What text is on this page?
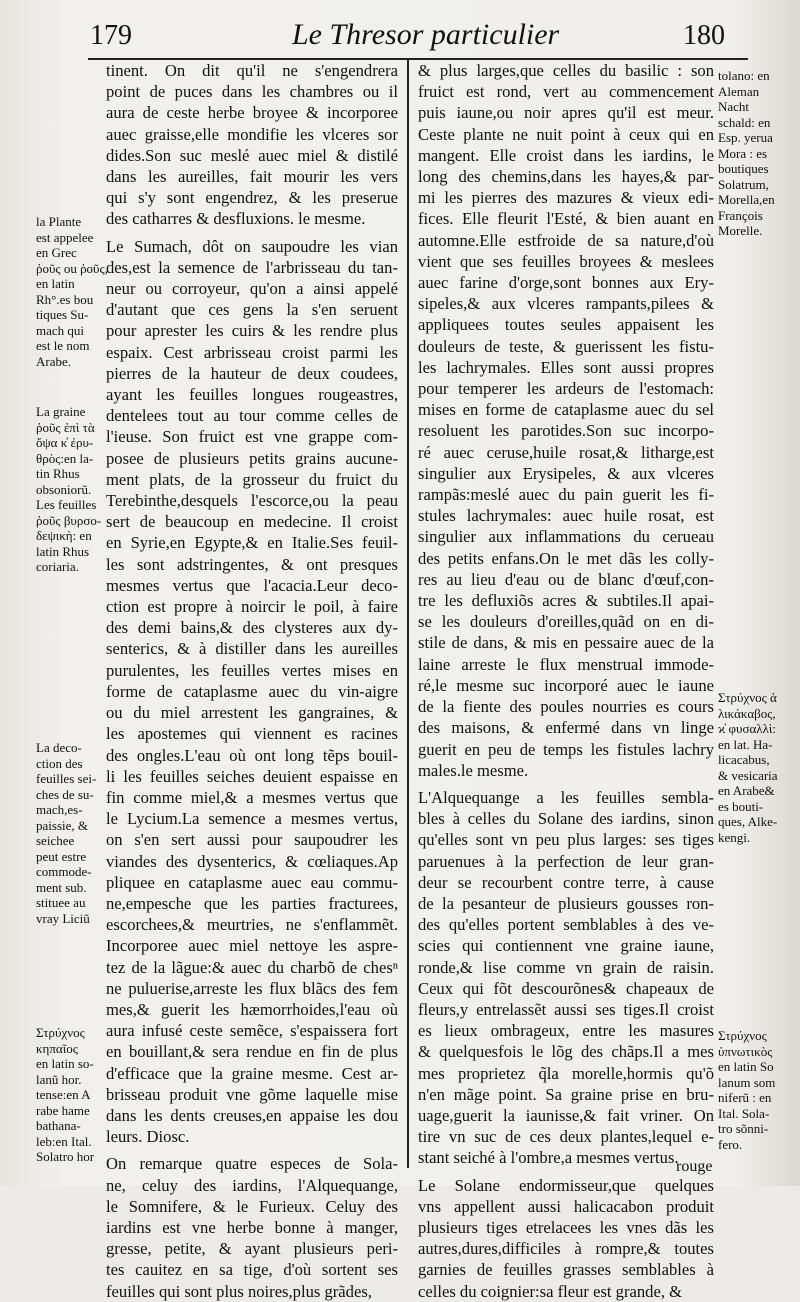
179	Le Thresor particulier	180
tinent. On dit qu'il ne s'engendrera
point de puces dans les chambres ou il
aura de ceste herbe broyee & incorporee
auec graisse,elle mondifie les vlceres sor
dides.Son suc meslé auec miel & distilé
dans les aureilles, fait mourir les vers
qui s'y sont engendrez, & les preserue
des catharres & desfluxions. le mesme.
Le Sumach, dôt on saupoudre les vian
des,est la semence de l'arbrisseau du tan-
neur ou corroyeur, qu'on a ainsi appelé
d'autant que ces gens la s'en seruent
pour aprester les cuirs & les rendre plus
espaix. Cest arbrisseau croist parmi les
pierres de la hauteur de deux coudees,
ayant les feuilles longues rougeastres,
dentelees tout au tour comme celles de
l'ieuse. Son fruict est vne grappe com-
posee de plusieurs petits grains aucune-
ment plats, de la grosseur du fruict du
Terebinthe,desquels l'escorce,ou la peau
sert de beaucoup en medecine. Il croist
en Syrie,en Egypte,& en Italie.Ses feuil-
les sont adstringentes, & ont presques
mesmes vertus que l'acacia.Leur deco-
ction est propre à noircir le poil, à faire
des demi bains,& des clysteres aux dy-
senterics, & à distiller dans les aureilles
purulentes, les feuilles vertes mises en
forme de cataplasme auec du vin-aigre
ou du miel arrestent les gangraines, &
les apostemes qui viennent es racines
des ongles.L'eau où ont long tẽps bouil-
li les feuilles seiches deuient espaisse en
fin comme miel,& a mesmes vertus que
le Lycium.La semence a mesmes vertus,
on s'en sert aussi pour saupoudrer les
viandes des dysenterics, & cœliaques.Ap
pliquee en cataplasme auec eau commu-
ne,empesche que les parties fracturees,
escorchees,& meurtries, ne s'enflammẽt.
Incorporee auec miel nettoye les aspre-
tez de la lãgue:& auec du charbõ de chesⁿ
ne puluerise,arreste les flux blãcs des fem
mes,& guerit les hæmorrhoides,l'eau où
aura infusé ceste semẽce, s'espaissera fort
en bouillant,& sera rendue en fin de plus
d'efficace que la graine mesme. Cest ar-
brisseau produit vne gõme laquelle mise
dans les dents creuses,en appaise les dou
leurs. Diosc.
On remarque quatre especes de Sola-
ne, celuy des iardins, l'Alquequange,
le Somnifere, & le Furieux. Celuy des
iardins est vne herbe bonne à manger,
gresse, petite, & ayant plusieurs peri-
tes cauitez en sa tige, d'où sortent ses
feuilles qui sont plus noires,plus grãdes,
& plus larges,que celles du basilic : son
fruict est rond, vert au commencement
puis iaune,ou noir apres qu'il est meur.
Ceste plante ne nuit point à ceux qui en
mangent. Elle croist dans les iardins, le
long des chemins,dans les hayes,& par-
mi les pierres des mazures & vieux edi-
fices. Elle fleurit l'Esté, & bien auant en
automne.Elle estfroide de sa nature,d'où
vient que ses feuilles broyees & meslees
auec farine d'orge,sont bonnes aux Ery-
sipeles,& aux vlceres rampants,pilees &
appliquees toutes seules appaisent les
douleurs de teste, & guerissent les fistu-
les lachrymales. Elles sont aussi propres
pour temperer les ardeurs de l'estomach:
mises en forme de cataplasme auec du sel
resoluent les parotides.Son suc incorpo-
ré auec ceruse,huile rosat,& litharge,est
singulier aux Erysipeles, & aux vlceres
rampãs:meslé auec du pain guerit les fi-
stules lachrymales: auec huile rosat, est
singulier aux inflammations du cerueau
des petits enfans.On le met dãs les colly-
res au lieu d'eau ou de blanc d'œuf,con-
tre les defluxiõs acres & subtiles.Il apai-
se les douleurs d'oreilles,quãd on en di-
stile de dans, & mis en pessaire auec de la
laine arreste le flux menstrual immode-
ré,le mesme suc incorporé auec le iaune
de la fiente des poules nourries es cours
des maisons, & enfermé dans vn linge
guerit en peu de temps les fistules lachry
males.le mesme.
L'Alquequange a les feuilles sembla-
bles à celles du Solane des iardins, sinon
qu'elles sont vn peu plus larges: ses tiges
paruenues à la perfection de leur gran-
deur se recourbent contre terre, à cause
de la pesanteur de plusieurs gousses ron-
des qu'elles portent semblables à des ve-
scies qui contiennent vne graine iaune,
ronde,& lise comme vn grain de raisin.
Ceux qui fõt descourõnes& chapeaux de
fleurs,y entrelassẽt aussi ses tiges.Il croist
es lieux ombrageux, entre les masures
& quelquesfois le lõg des chãps.Il a mes
mes proprietez q̃la morelle,hormis qu'õ
n'en mãge point. Sa graine prise en bru-
uage,guerit la iaunisse,& fait vriner. On
tire vn suc de ces deux plantes,lequel e-
stant seiché à l'ombre,a mesmes vertus.
Le Solane endormisseur,que quelques
vns appellent aussi halicacabon produit
plusieurs tiges etrelacees les vnes dãs les
autres,dures,difficiles à rompre,& toutes
garnies de feuilles grasses semblables à
celles du coignier:sa fleur est grande, &
la Plante
est appelee
en Grec
ῥοῦς ou ῥοῦς,
en latin
Rh°.es bou
tiques Su-
mach qui
est le nom
Arabe.
La graine
ῥοῦς ἐπὶ τὰ
ὄψα κ̓ ἐρυ-
θρὸς:en la-
tin Rhus
obsoniorũ.
Les feuilles
ῥοῦς βυρσο-
δεψικὴ: en
latin Rhus
coriaria.
La deco-
ction des
feuilles sei-
ches de su-
mach,es-
paissie, &
seichee
peut estre
commode-
ment sub.
stituee au
vray Liciũ
Στρύχνος
κηπαῖος
en latin so-
lanũ hor.
tense:en A
rabe hame
bathana-
leb:en Ital.
Solatro hor
tolano: en
Aleman
Nacht
schald: en
Esp. yerua
Mora : es
boutiques
Solatrum,
Morella,en
François
Morelle.
Στρύχνος ἁ
λικάκαβος,
ϰ̓ φυσαλλὶ:
en lat. Ha-
licacabus,
& vesicaria
en Arabe&
es bouti-
ques, Alke-
kengi.
Στρύχνος
ὑπνωτικὸς
en latin So
lanum som
niferũ : en
Ital. Sola-
tro sõnni-
fero.
rouge
